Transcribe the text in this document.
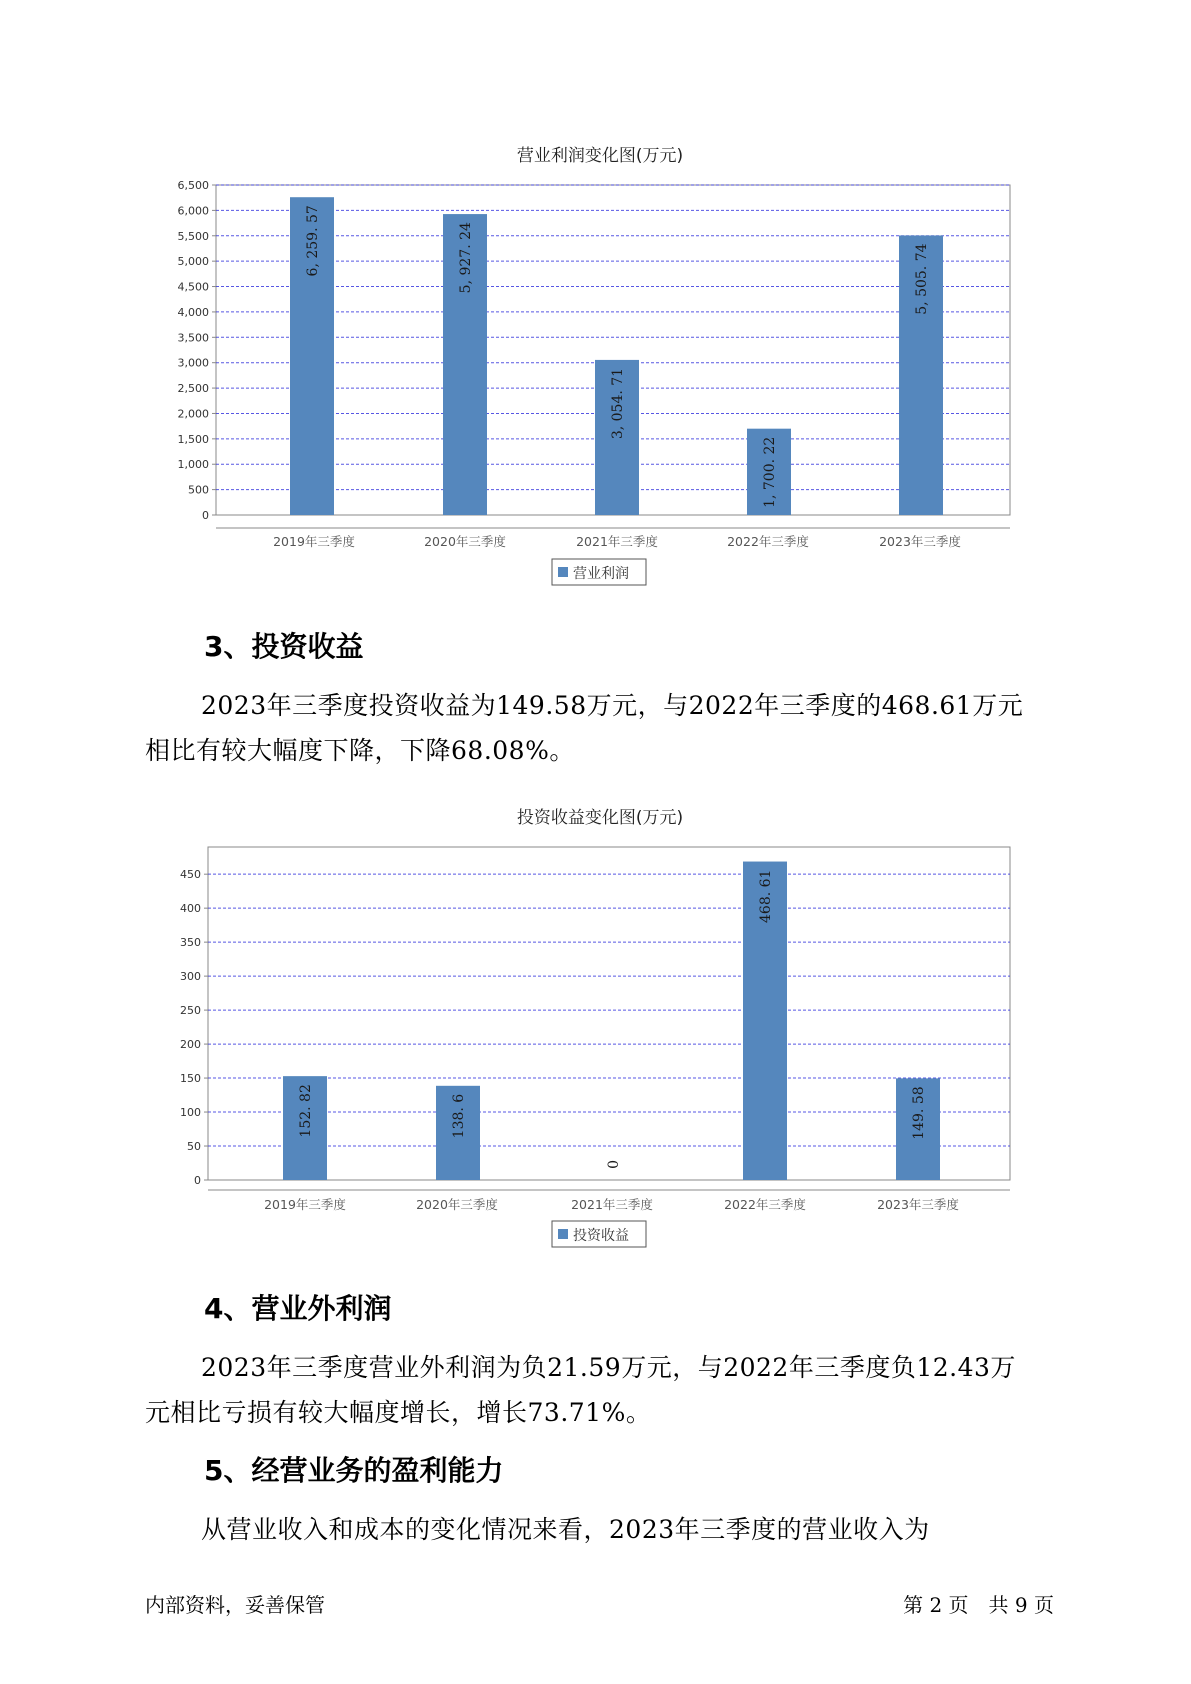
营业利润变化图(万元)
0
500
1,000
1,500
2,000
2,500
3,000
3,500
4,000
4,500
5,000
5,500
6,000
6,500
6, 259. 57	5, 927. 24
3, 054. 71
1, 700. 22
5, 505. 74
2019年三季度	2020年三季度	2021年三季度	2022年三季度	2023年三季度
营业利润
投资收益变化图(万元)
0
50
100
150
200
250
300
350
400
450
152. 82	138. 6
0
468. 61
149. 58
2019年三季度	2020年三季度	2021年三季度	2022年三季度	2023年三季度
投资收益
3、投资收益

2023年三季度投资收益为149.58万元，与2022年三季度的468.61万元
相比有较大幅度下降，下降68.08%。

4、营业外利润

2023年三季度营业外利润为负21.59万元，与2022年三季度负12.43万
元相比亏损有较大幅度增长，增长73.71%。

5、经营业务的盈利能力

从营业收入和成本的变化情况来看，2023年三季度的营业收入为

内部资料，妥善保管	第 2 页　共 9 页
